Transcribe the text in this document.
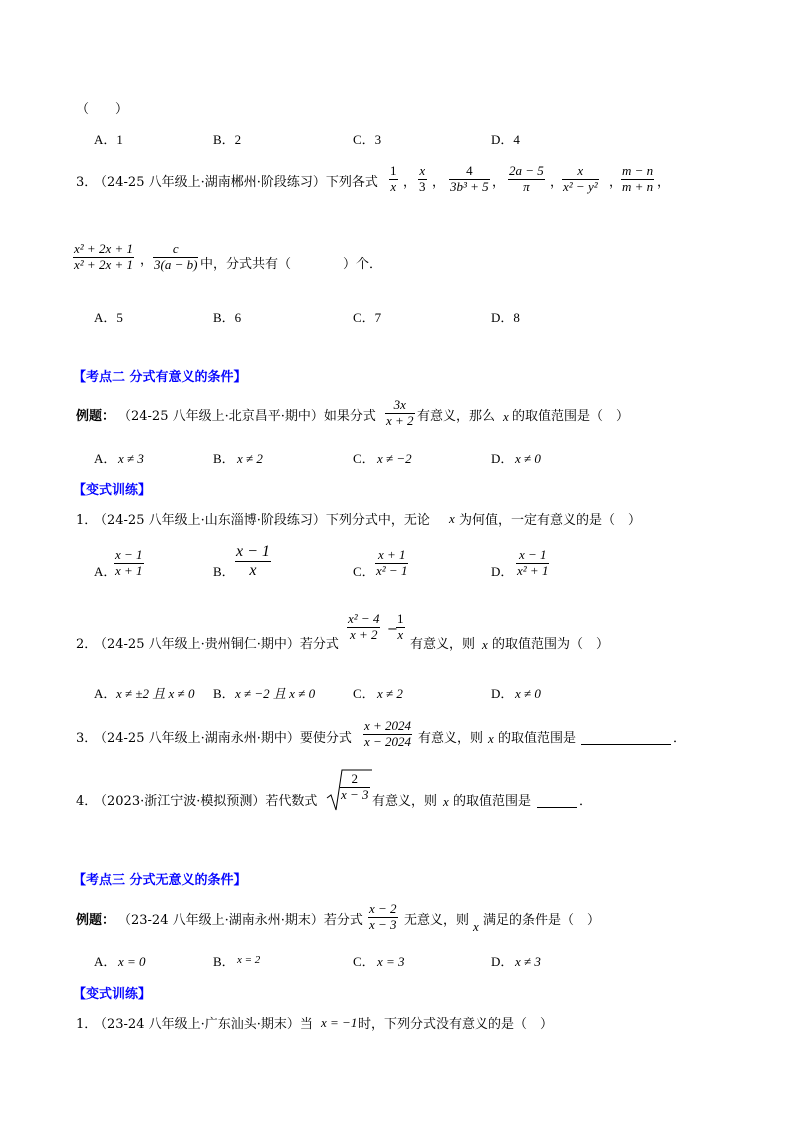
（　　）
A．1	B．2	C．3	D．4
3．
（24-25 八年级上·湖南郴州·阶段练习）下列各式 $\frac{1}{x}$ ， $\frac{x}{3}$ ， $\frac{4}{\text{3b³ + 5}}$ ， $\frac{2a - 5}{\pi}$ ，
$\frac{x}{\text{x² − y²}}$ ，
$\frac{m - n}{m + n}$ ，
$\frac{\text{x² + 2x + 1}}{\text{x² + 2x + 1}}$ ， $\frac{c}{3(a - b)}$ 中，分式共有（　　　　）个．
A．5	B．6	C．7	D．8
【考点二 分式有意义的条件】
例题： （24-25 八年级上·北京昌平·期中）如果分式 $\frac{3x}{x + 2}$ 有意义，那么 x 的取值范围是（　）
A． x ≠ 3	B． x ≠ 2	C． x ≠ −2	D． x ≠ 0
【变式训练】
1．
（24-25 八年级上·山东淄博·阶段练习）下列分式中，无论 x 为何值，一定有意义的是（　）
A．
$\frac{x - 1}{x + 1}$	B． $\frac{x - 1}{x}$	C． $\frac{x + 1}{\text{x² − 1}}$	D． $\frac{x - 1}{\text{x² + 1}}$
2．
（24-25 八年级上·贵州铜仁·期中）若分式
$\frac{\text{x² − 4}}{x + 2}$ −
$\frac{1}{x}$
有意义，则 x 的取值范围为（　）
A． x ≠ ±2 且 x ≠ 0 B． x ≠ −2 且 x ≠ 0	C． x ≠ 2	D． x ≠ 0
3．
（24-25 八年级上·湖南永州·期中）要使分式 $\frac{x + 2024}{x - 2024}$ 有意义，则 x 的取值范围是	．
4．
（2023·浙江宁波·模拟预测）若代数式 $\frac{2}{x - 3}$ 有意义，则 x 的取值范围是	．
【考点三 分式无意义的条件】
例题： （23-24 八年级上·湖南永州·期末）若分式 $\frac{x - 2}{x - 3}$ 无意义，则 x 满足的条件是（　）
A． x = 0	B． x = 2	C． x = 3	D． x ≠ 3
【变式训练】
1．
（23-24 八年级上·广东汕头·期末）当 x = −1 时，下列分式没有意义的是（　）
